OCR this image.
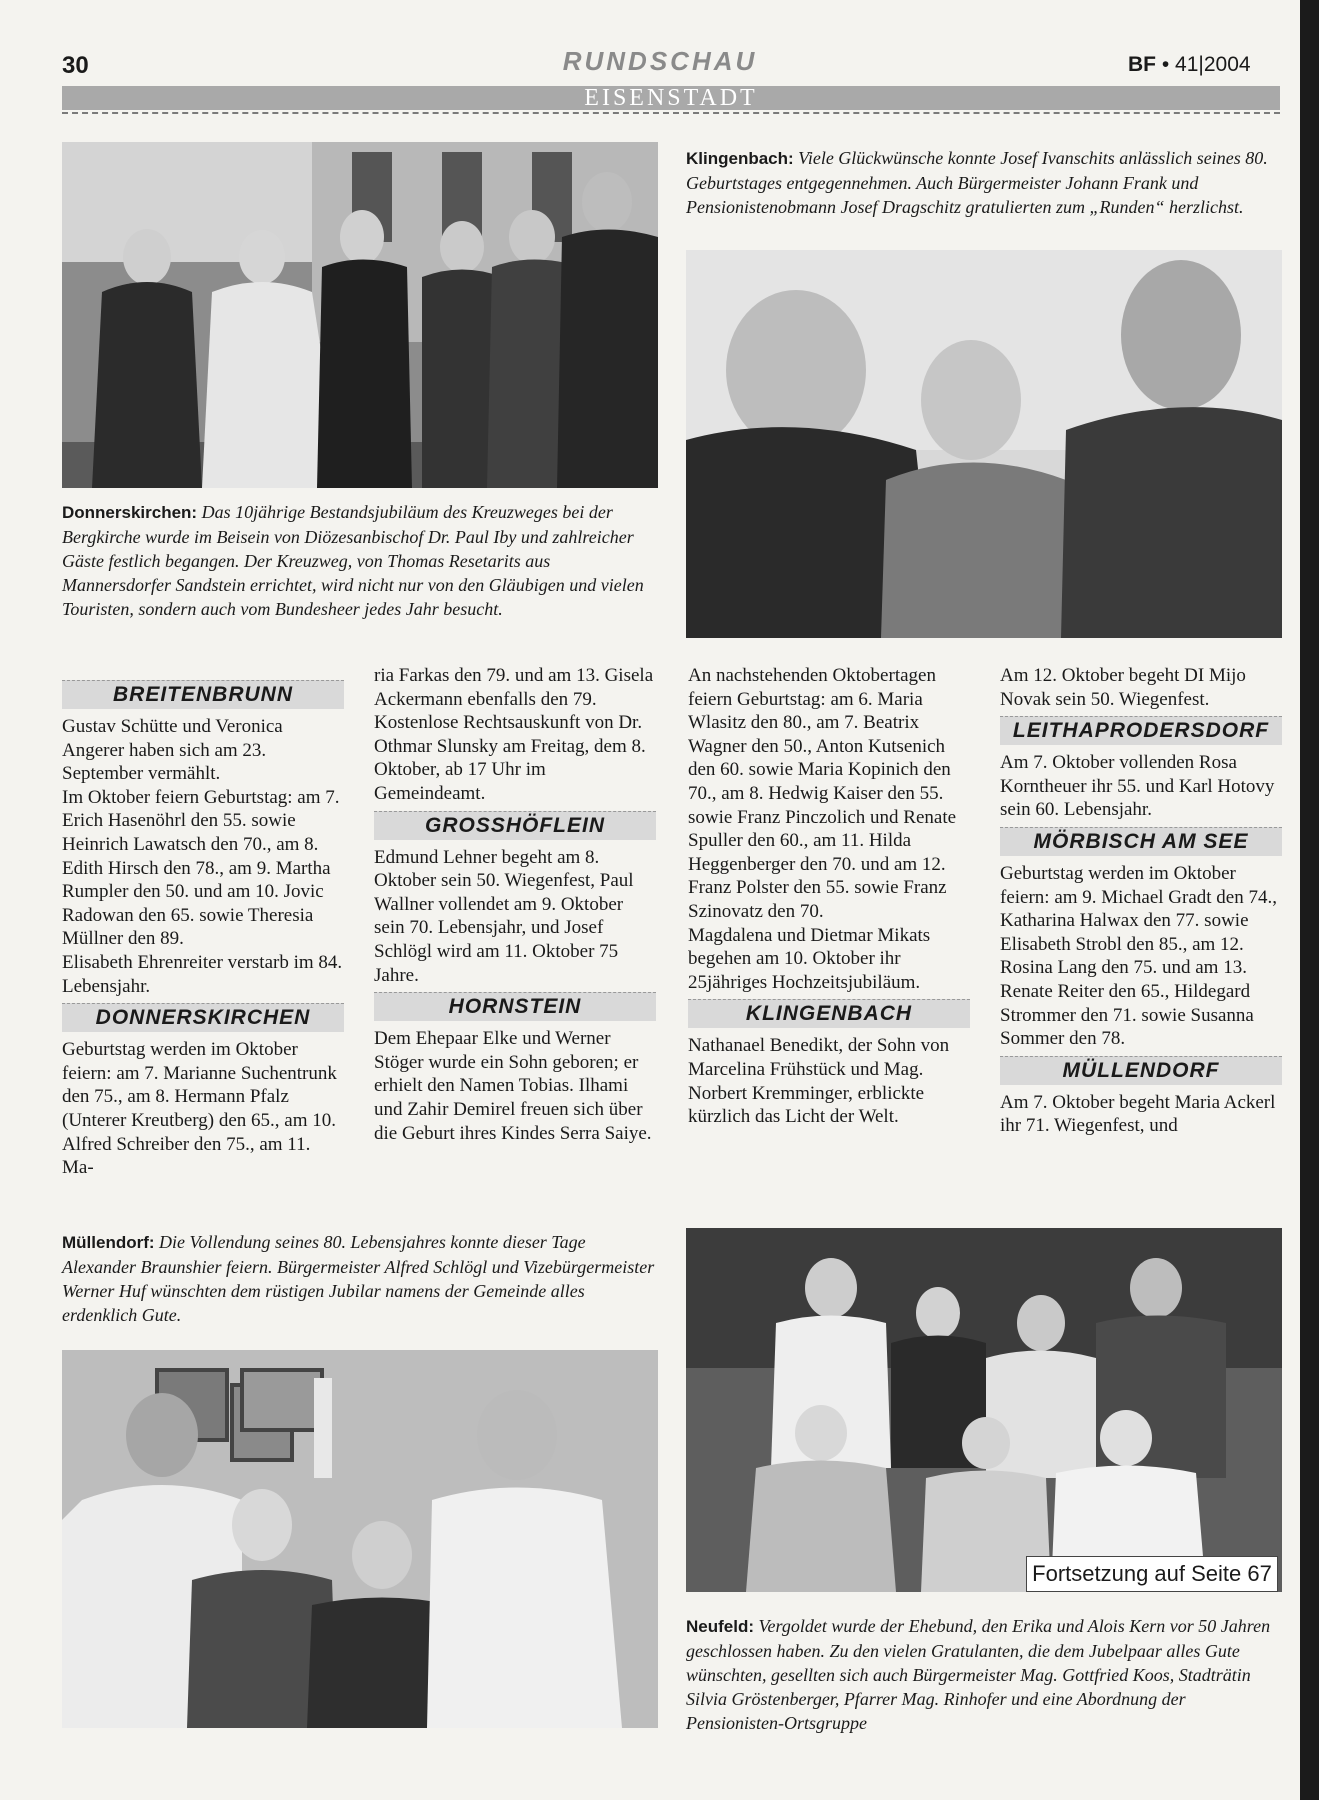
30	RUNDSCHAU	BF • 41|2004
EISENSTADT
Klingenbach: Viele Glückwünsche konnte Josef Ivanschits anlässlich seines 80. Geburtstages entgegennehmen. Auch Bürgermeister Johann Frank und Pensionistenobmann Josef Dragschitz gratulierten zum „Runden“ herzlichst.
Donnerskirchen: Das 10jährige Bestandsjubiläum des Kreuzweges bei der Bergkirche wurde im Beisein von Diözesanbischof Dr. Paul Iby und zahlreicher Gäste festlich begangen. Der Kreuzweg, von Thomas Resetarits aus Mannersdorfer Sandstein errichtet, wird nicht nur von den Gläubigen und vielen Touristen, sondern auch vom Bundesheer jedes Jahr besucht.
BREITENBRUNN

Gustav Schütte und Veronica Angerer haben sich am 23. September vermählt.

Im Oktober feiern Geburtstag: am 7. Erich Hasenöhrl den 55. sowie Heinrich Lawatsch den 70., am 8. Edith Hirsch den 78., am 9. Martha Rumpler den 50. und am 10. Jovic Radowan den 65. sowie Theresia Müllner den 89.

Elisabeth Ehrenreiter verstarb im 84. Lebensjahr.

DONNERSKIRCHEN

Geburtstag werden im Oktober feiern: am 7. Marianne Suchentrunk den 75., am 8. Hermann Pfalz (Unterer Kreutberg) den 65., am 10. Alfred Schreiber den 75., am 11. Ma-

ria Farkas den 79. und am 13. Gisela Ackermann ebenfalls den 79.

Kostenlose Rechtsauskunft von Dr. Othmar Slunsky am Freitag, dem 8. Oktober, ab 17 Uhr im Gemeindeamt.

GROSSHÖFLEIN

Edmund Lehner begeht am 8. Oktober sein 50. Wiegenfest, Paul Wallner vollendet am 9. Oktober sein 70. Lebensjahr, und Josef Schlögl wird am 11. Oktober 75 Jahre.

HORNSTEIN

Dem Ehepaar Elke und Werner Stöger wurde ein Sohn geboren; er erhielt den Namen Tobias. Ilhami und Zahir Demirel freuen sich über die Geburt ihres Kindes Serra Saiye.

An nachstehenden Oktobertagen feiern Geburtstag: am 6. Maria Wlasitz den 80., am 7. Beatrix Wagner den 50., Anton Kutsenich den 60. sowie Maria Kopinich den 70., am 8. Hedwig Kaiser den 55. sowie Franz Pinczolich und Renate Spuller den 60., am 11. Hilda Heggenberger den 70. und am 12. Franz Polster den 55. sowie Franz Szinovatz den 70.

Magdalena und Dietmar Mikats begehen am 10. Oktober ihr 25jähriges Hochzeitsjubiläum.

KLINGENBACH

Nathanael Benedikt, der Sohn von Marcelina Frühstück und Mag. Norbert Kremminger, erblickte kürzlich das Licht der Welt.

Am 12. Oktober begeht DI Mijo Novak sein 50. Wiegenfest.

LEITHAPRODERSDORF

Am 7. Oktober vollenden Rosa Kornthеuer ihr 55. und Karl Hotovy sein 60. Lebensjahr.

MÖRBISCH AM SEE

Geburtstag werden im Oktober feiern: am 9. Michael Gradt den 74., Katharina Halwax den 77. sowie Elisabeth Strobl den 85., am 12. Rosina Lang den 75. und am 13. Renate Reiter den 65., Hildegard Strommer den 71. sowie Susanna Sommer den 78.

MÜLLENDORF

Am 7. Oktober begeht Maria Ackerl ihr 71. Wiegenfest, und

Müllendorf: Die Vollendung seines 80. Lebensjahres konnte dieser Tage Alexander Braunshier feiern. Bürgermeister Alfred Schlögl und Vizebürgermeister Werner Huf wünschten dem rüstigen Jubilar namens der Gemeinde alles erdenklich Gute.
Fortsetzung auf Seite 67
Neufeld: Vergoldet wurde der Ehebund, den Erika und Alois Kern vor 50 Jahren geschlossen haben. Zu den vielen Gratulanten, die dem Jubelpaar alles Gute wünschten, gesellten sich auch Bürgermeister Mag. Gottfried Koos, Stadträtin Silvia Gröstenberger, Pfarrer Mag. Rinhofer und eine Abordnung der Pensionisten-Ortsgruppe
